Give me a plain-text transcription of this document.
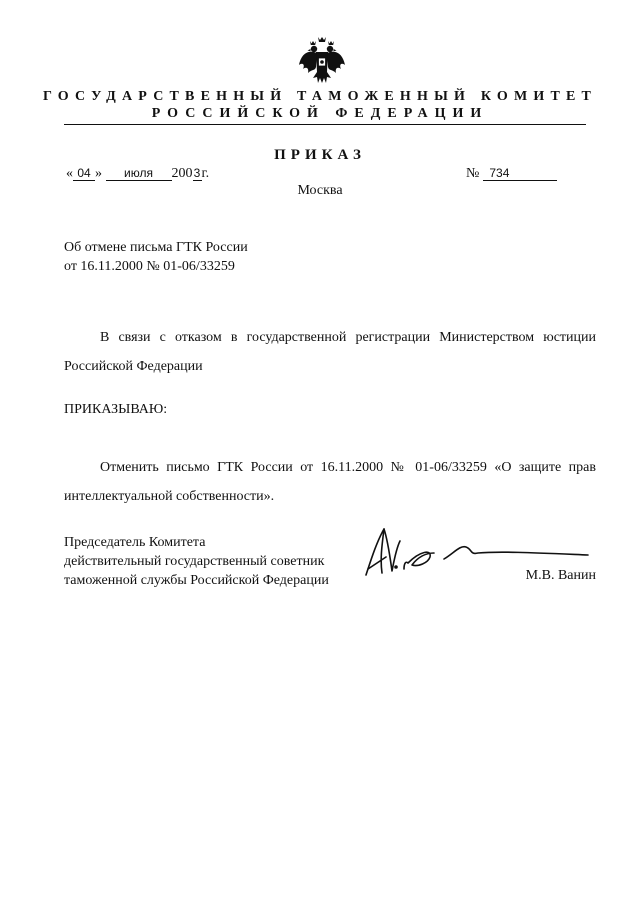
ГОСУДАРСТВЕННЫЙ ТАМОЖЕННЫЙ КОМИТЕТ
РОССИЙСКОЙ ФЕДЕРАЦИИ
ПРИКАЗ
« 04 » июля 2003г.	№ 734
Москва
Об отмене письма ГТК России
от 16.11.2000 № 01-06/33259
В связи с отказом в государственной регистрации Министерством юстиции Российской Федерации
ПРИКАЗЫВАЮ:
Отменить письмо ГТК России от 16.11.2000 № 01-06/33259 «О защите прав интеллектуальной собственности».
Председатель Комитета
действительный государственный советник
таможенной службы Российской Федерации	М.В. Ванин
